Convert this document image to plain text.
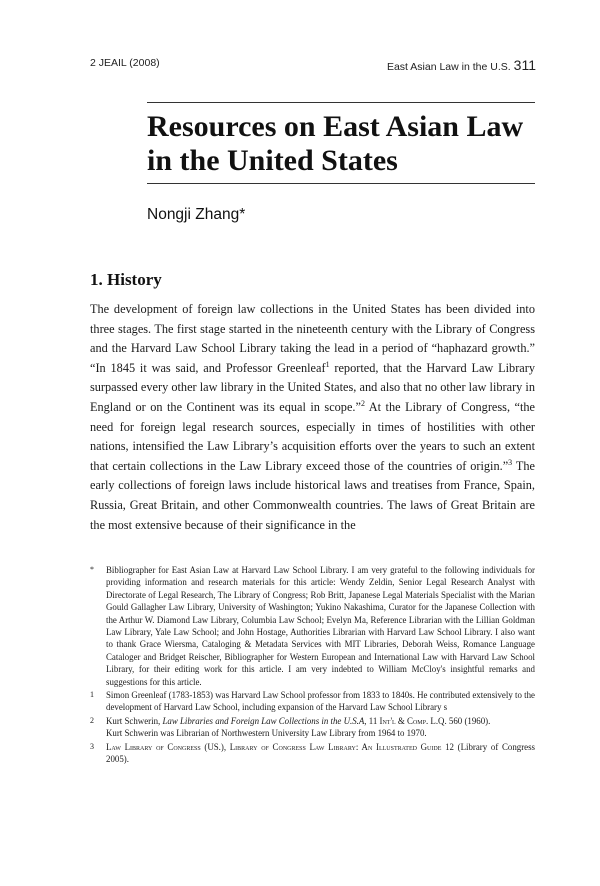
2 JEAIL (2008)	East Asian Law in the U.S. 311
Resources on East Asian Law in the United States
Nongji Zhang*
1. History
The development of foreign law collections in the United States has been divided into three stages. The first stage started in the nineteenth century with the Library of Congress and the Harvard Law School Library taking the lead in a period of “haphazard growth.” “In 1845 it was said, and Professor Greenleaf$^1$ reported, that the Harvard Law Library surpassed every other law library in the United States, and also that no other law library in England or on the Continent was its equal in scope.”$^2$ At the Library of Congress, “the need for foreign legal research sources, especially in times of hostilities with other nations, intensified the Law Library’s acquisition efforts over the years to such an extent that certain collections in the Law Library exceed those of the countries of origin.”$^3$ The early collections of foreign laws include historical laws and treatises from France, Spain, Russia, Great Britain, and other Commonwealth countries. The laws of Great Britain are the most extensive because of their significance in the
* Bibliographer for East Asian Law at Harvard Law School Library. I am very grateful to the following individuals for providing information and research materials for this article: Wendy Zeldin, Senior Legal Research Analyst with Directorate of Legal Research, The Library of Congress; Rob Britt, Japanese Legal Materials Specialist with the Marian Gould Gallagher Law Library, University of Washington; Yukino Nakashima, Curator for the Japanese Collection with the Arthur W. Diamond Law Library, Columbia Law School; Evelyn Ma, Reference Librarian with the Lillian Goldman Law Library, Yale Law School; and John Hostage, Authorities Librarian with Harvard Law School Library. I also want to thank Grace Wiersma, Cataloging & Metadata Services with MIT Libraries, Deborah Weiss, Romance Language Cataloger and Bridget Reischer, Bibliographer for Western European and International Law with Harvard Law School Library, for their editing work for this article. I am very indebted to William McCloy's insightful remarks and suggestions for this article.
1 Simon Greenleaf (1783-1853) was Harvard Law School professor from 1833 to 1840s. He contributed extensively to the development of Harvard Law School, including expansion of the Harvard Law School Library s
2 Kurt Schwerin, Law Libraries and Foreign Law Collections in the U.S.A, 11 Int'l & Comp. L.Q. 560 (1960).
Kurt Schwerin was Librarian of Northwestern University Law Library from 1964 to 1970.
3 Law Library of Congress (US.), Library of Congress Law Library: An Illustrated Guide 12 (Library of Congress 2005).
